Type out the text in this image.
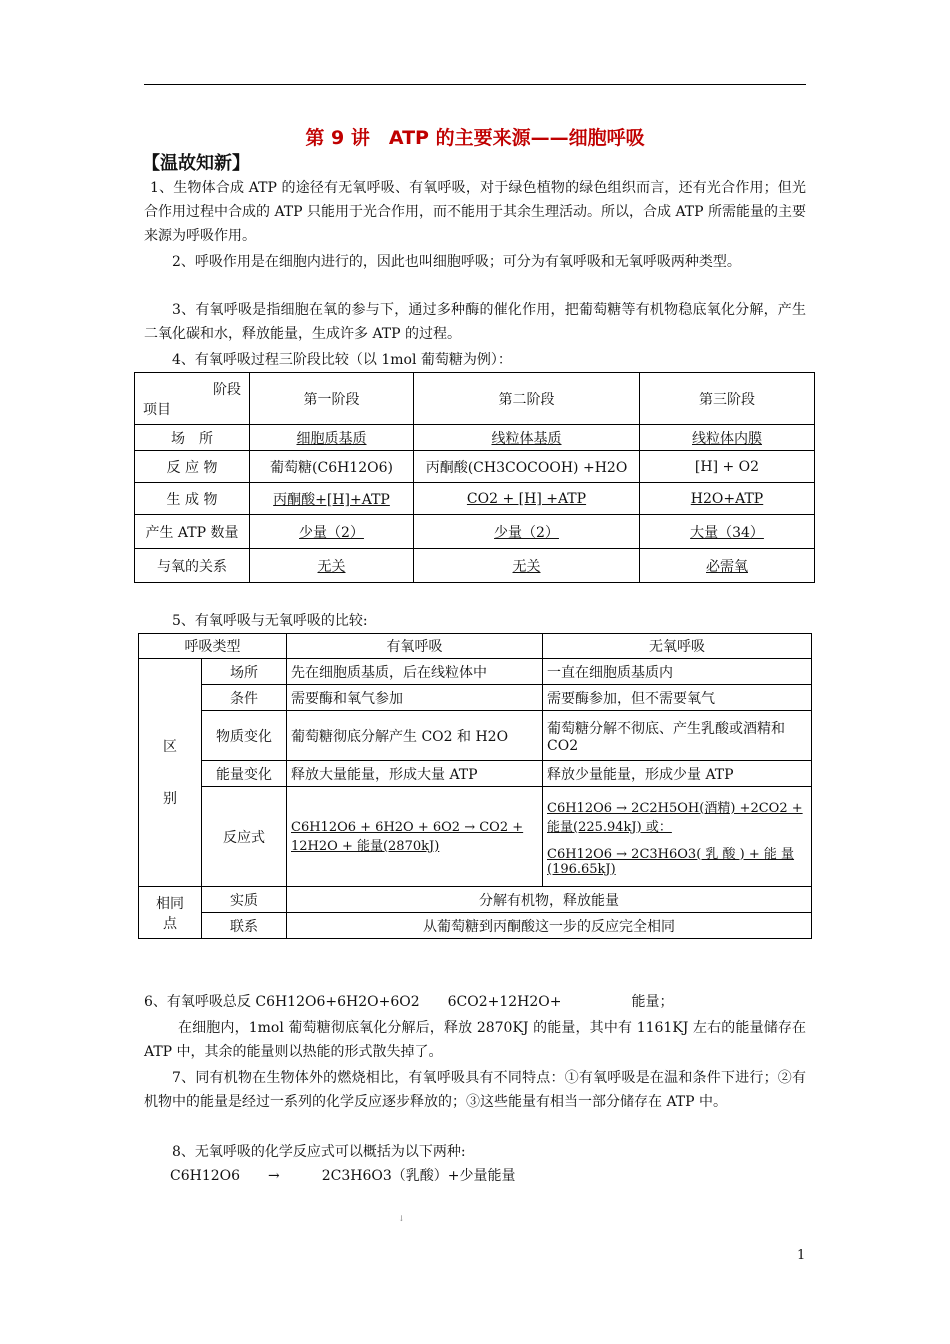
第 9 讲　ATP 的主要来源——细胞呼吸
【温故知新】
1、生物体合成 ATP 的途径有无氧呼吸、有氧呼吸，对于绿色植物的绿色组织而言，还有光合作用；但光合作用过程中合成的 ATP 只能用于光合作用，而不能用于其余生理活动。所以，合成 ATP 所需能量的主要来源为呼吸作用。
2、呼吸作用是在细胞内进行的，因此也叫细胞呼吸；可分为有氧呼吸和无氧呼吸两种类型。
3、有氧呼吸是指细胞在氧的参与下，通过多种酶的催化作用，把葡萄糖等有机物稳底氧化分解，产生二氧化碳和水，释放能量，生成许多 ATP 的过程。
4、有氧呼吸过程三阶段比较（以 1mol 葡萄糖为例）：
阶段
项目	第一阶段	第二阶段	第三阶段
场　所	细胞质基质	线粒体基质	线粒体内膜
反 应 物	葡萄糖(C6H12O6)	丙酮酸(CH3COCOOH) +H2O	[H] + O2
生 成 物	丙酮酸+[H]+ATP	CO2 + [H] +ATP	H2O+ATP
产生 ATP 数量	少量（2）	少量（2）	大量（34）
与氧的关系	无关	无关	必需氧
5、有氧呼吸与无氧呼吸的比较:
呼吸类型		有氧呼吸	无氧呼吸

区
别	场所	先在细胞质基质，后在线粒体中	一直在细胞质基质内
	条件	需要酶和氧气参加	需要酶参加，但不需要氧气
	物质变化	葡萄糖彻底分解产生 CO2 和 H2O	葡萄糖分解不彻底、产生乳酸或酒精和 CO2
	能量变化	释放大量能量，形成大量 ATP	释放少量能量，形成少量 ATP
	反应式	C6H12O6 + 6H2O + 6O2 → CO2 + 12H2O + 能量(2870kJ)	C6H12O6 → 2C2H5OH(酒精) +2CO2 + 能量(225.94kJ) 或：
C6H12O6 → 2C3H6O3( 乳 酸 ) + 能 量 (196.65kJ)

相同
点	实质	分解有机物，释放能量	
	联系	从葡萄糖到丙酮酸这一步的反应完全相同	
6、有氧呼吸总反 C6H12O6+6H2O+6O2　　6CO2+12H2O+　　　　　能量；
在细胞内，1mol 葡萄糖彻底氧化分解后，释放 2870KJ 的能量，其中有 1161KJ 左右的能量储存在 ATP 中，其余的能量则以热能的形式散失掉了。
7、同有机物在生物体外的燃烧相比，有氧呼吸具有不同特点：①有氧呼吸是在温和条件下进行；②有机物中的能量是经过一系列的化学反应逐步释放的；③这些能量有相当一部分储存在 ATP 中。
8、无氧呼吸的化学反应式可以概括为以下两种:
C6H12O6　　→　　　2C3H6O3（乳酸）+少量能量
↓
1
